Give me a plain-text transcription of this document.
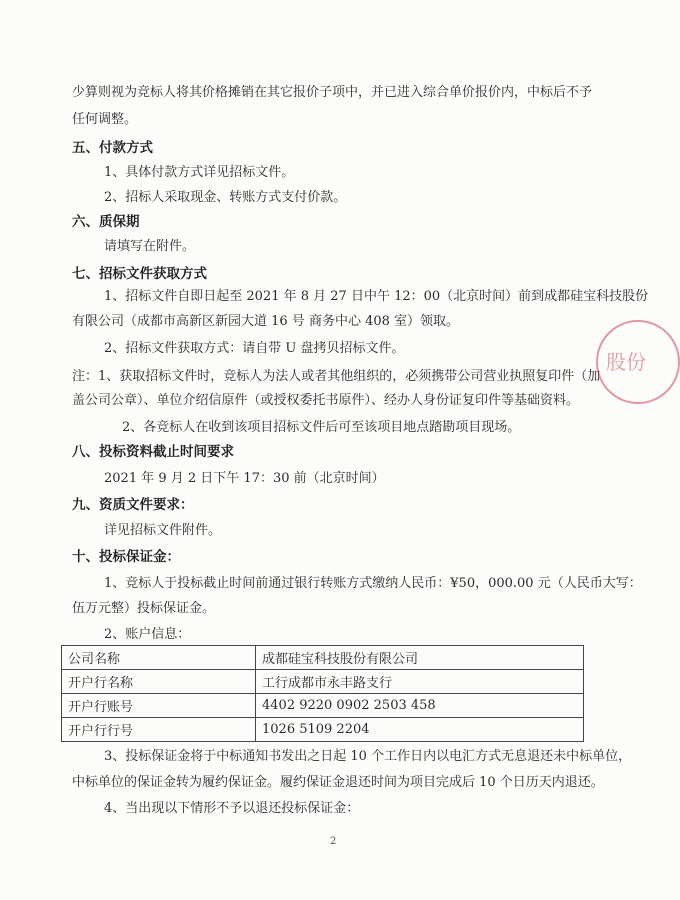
少算则视为竞标人将其价格摊销在其它报价子项中，并已进入综合单价报价内，中标后不予
任何调整。
五、付款方式
1、具体付款方式详见招标文件。
2、招标人采取现金、转账方式支付价款。
六、质保期
请填写在附件。
七、招标文件获取方式
1、招标文件自即日起至 2021 年 8 月 27 日中午 12：00（北京时间）前到成都硅宝科技股份
有限公司（成都市高新区新园大道 16 号 商务中心 408 室）领取。
2、招标文件获取方式：请自带 U 盘拷贝招标文件。
注：1、获取招标文件时，竞标人为法人或者其他组织的，必须携带公司营业执照复印件（加
盖公司公章）、单位介绍信原件（或授权委托书原件）、经办人身份证复印件等基础资料。
2、各竞标人在收到该项目招标文件后可至该项目地点踏勘项目现场。
八、投标资料截止时间要求
2021 年 9 月 2 日下午 17：30 前（北京时间）
九、资质文件要求：
详见招标文件附件。
十、投标保证金：
1、竞标人于投标截止时间前通过银行转账方式缴纳人民币：¥50，000.00 元（人民币大写：
伍万元整）投标保证金。
2、账户信息：
公司名称	成都硅宝科技股份有限公司
开户行名称	工行成都市永丰路支行
开户行账号	4402 9220 0902 2503 458
开户行行号	1026 5109 2204
3、投标保证金将于中标通知书发出之日起 10 个工作日内以电汇方式无息退还未中标单位，
中标单位的保证金转为履约保证金。履约保证金退还时间为项目完成后 10 个日历天内退还。
4、当出现以下情形不予以退还投标保证金：
2
股份
